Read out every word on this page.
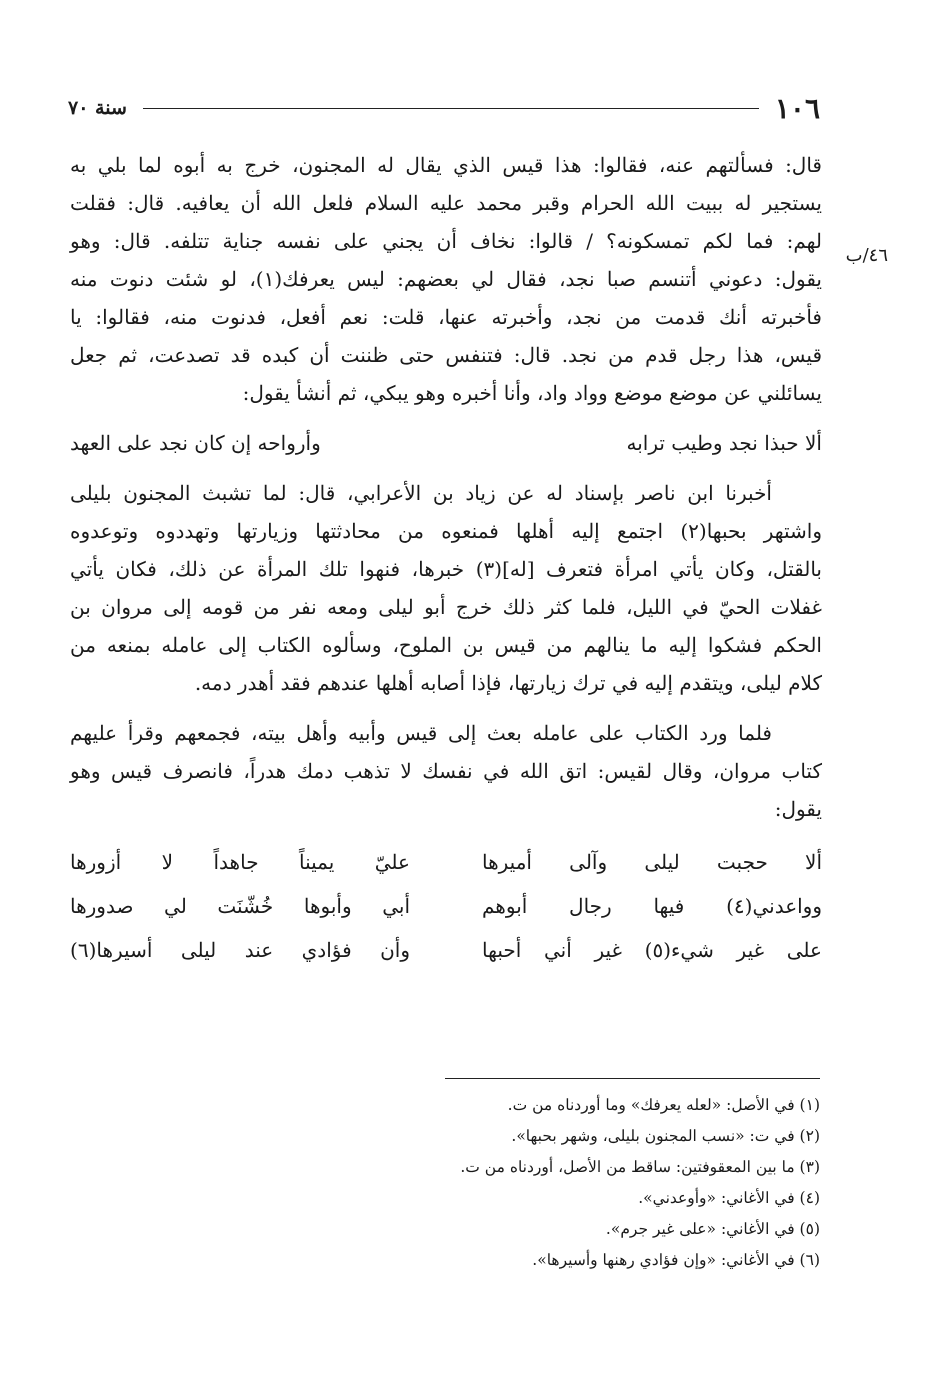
١٠٦
سنة ٧٠
٤٦/ب
قال: فسألتهم عنه، فقالوا: هذا قيس الذي يقال له المجنون، خرج به أبوه لما بلي به
يستجير له ببيت الله الحرام وقبر محمد عليه السلام فلعل الله أن يعافيه. قال: فقلت
لهم: فما لكم تمسكونه؟ / قالوا: نخاف أن يجني على نفسه جناية تتلفه. قال: وهو
يقول: دعوني أتنسم صبا نجد، فقال لي بعضهم: ليس يعرفك(١)، لو شئت دنوت منه
فأخبرته أنك قدمت من نجد، وأخبرته عنها، قلت: نعم أفعل، فدنوت منه، فقالوا: يا
قيس، هذا رجل قدم من نجد. قال: فتنفس حتى ظننت أن كبده قد تصدعت، ثم جعل
يسائلني عن موضع موضع وواد واد، وأنا أخبره وهو يبكي، ثم أنشأ يقول:
ألا حبذا نجد وطيب ترابه
وأرواحه إن كان نجد على العهد
أخبرنا ابن ناصر بإسناد له عن زياد بن الأعرابي، قال: لما تشبث المجنون بليلى
واشتهر بحبها(٢) اجتمع إليه أهلها فمنعوه من محادثتها وزيارتها وتهددوه وتوعدوه
بالقتل، وكان يأتي امرأة فتعرف [له](٣) خبرها، فنهوا تلك المرأة عن ذلك، فكان يأتي
غفلات الحيّ في الليل، فلما كثر ذلك خرج أبو ليلى ومعه نفر من قومه إلى مروان بن
الحكم فشكوا إليه ما ينالهم من قيس بن الملوح، وسألوه الكتاب إلى عامله بمنعه من
كلام ليلى، ويتقدم إليه في ترك زيارتها، فإذا أصابه أهلها عندهم فقد أهدر دمه.
فلما ورد الكتاب على عامله بعث إلى قيس وأبيه وأهل بيته، فجمعهم وقرأ عليهم
كتاب مروان، وقال لقيس: اتق الله في نفسك لا تذهب دمك هدراً، فانصرف قيس وهو
يقول:
ألا حجبت ليلى وآلى أميرها
عليّ يميناً جاهداً لا أزورها
وواعدني(٤) فيها رجال أبوهم
أبي وأبوها خُشّنَت لي صدورها
على غير شيء(٥) غير أني أحبها
وأن فؤادي عند ليلى أسيرها(٦)
(١) في الأصل: «لعله يعرفك» وما أوردناه من ت.
(٢) في ت: «نسب المجنون بليلى، وشهر بحبها».
(٣) ما بين المعقوفتين: ساقط من الأصل، أوردناه من ت.
(٤) في الأغاني: «وأوعدني».
(٥) في الأغاني: «على غير جرم».
(٦) في الأغاني: «وإن فؤادي رهنها وأسيرها».
